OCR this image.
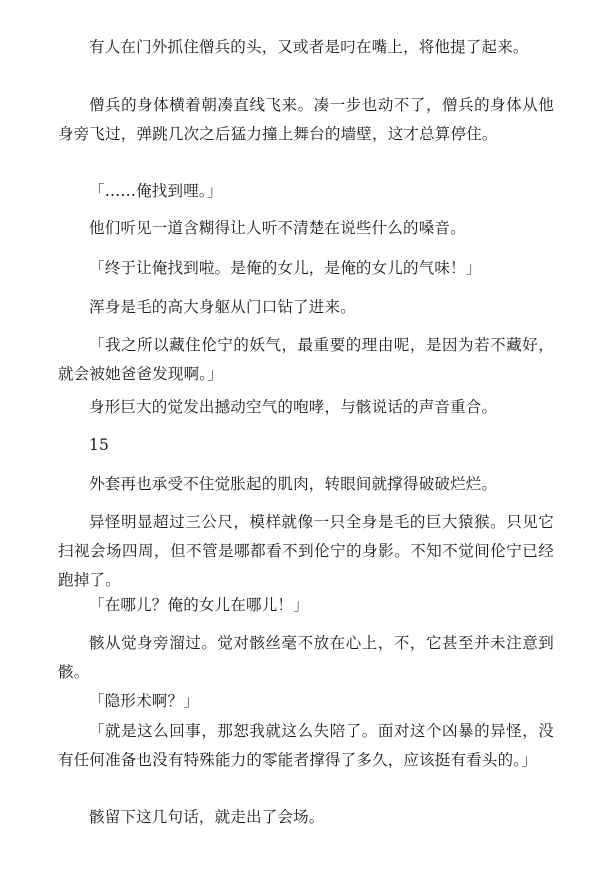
有人在门外抓住僧兵的头，又或者是叼在嘴上，将他提了起来。

僧兵的身体横着朝凑直线飞来。凑一步也动不了，僧兵的身体从他身旁飞过，弹跳几次之后猛力撞上舞台的墙壁，这才总算停住。

「……俺找到哩。」

他们听见一道含糊得让人听不清楚在说些什么的嗓音。

「终于让俺找到啦。是俺的女儿，是俺的女儿的气味！」

浑身是毛的高大身躯从门口钻了进来。

「我之所以藏住伦宁的妖气，最重要的理由呢，是因为若不藏好，就会被她爸爸发现啊。」

身形巨大的觉发出撼动空气的咆哮，与骸说话的声音重合。

15

外套再也承受不住觉胀起的肌肉，转眼间就撑得破破烂烂。

异怪明显超过三公尺，模样就像一只全身是毛的巨大猿猴。只见它扫视会场四周，但不管是哪都看不到伦宁的身影。不知不觉间伦宁已经跑掉了。

「在哪儿？俺的女儿在哪儿！」

骸从觉身旁溜过。觉对骸丝毫不放在心上，不，它甚至并未注意到骸。

「隐形术啊？」

「就是这么回事，那恕我就这么失陪了。面对这个凶暴的异怪，没有任何准备也没有特殊能力的零能者撑得了多久，应该挺有看头的。」

骸留下这几句话，就走出了会场。
